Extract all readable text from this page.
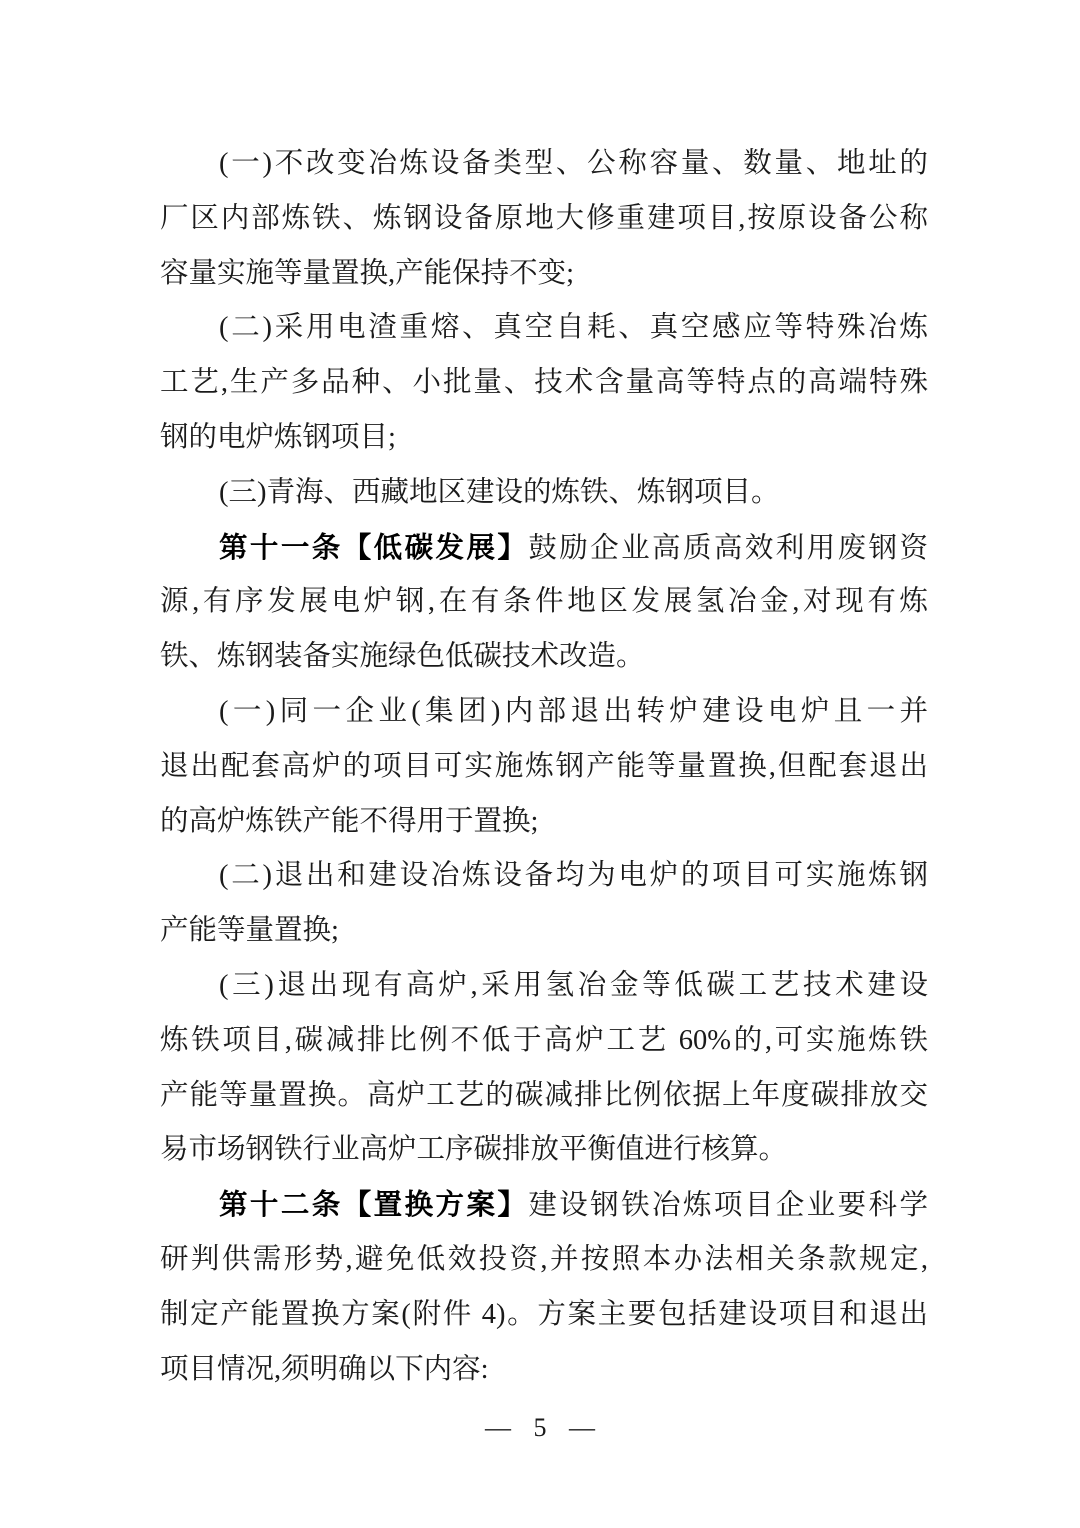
(一)不改变冶炼设备类型、公称容量、数量、地址的
厂区内部炼铁、炼钢设备原地大修重建项目,按原设备公称
容量实施等量置换,产能保持不变;
(二)采用电渣重熔、真空自耗、真空感应等特殊冶炼
工艺,生产多品种、小批量、技术含量高等特点的高端特殊
钢的电炉炼钢项目;
(三)青海、西藏地区建设的炼铁、炼钢项目。
第十一条【低碳发展】鼓励企业高质高效利用废钢资
源,有序发展电炉钢,在有条件地区发展氢冶金,对现有炼
铁、炼钢装备实施绿色低碳技术改造。
(一)同一企业(集团)内部退出转炉建设电炉且一并
退出配套高炉的项目可实施炼钢产能等量置换,但配套退出
的高炉炼铁产能不得用于置换;
(二)退出和建设冶炼设备均为电炉的项目可实施炼钢
产能等量置换;
(三)退出现有高炉,采用氢冶金等低碳工艺技术建设
炼铁项目,碳减排比例不低于高炉工艺 60%的,可实施炼铁
产能等量置换。高炉工艺的碳减排比例依据上年度碳排放交
易市场钢铁行业高炉工序碳排放平衡值进行核算。
第十二条【置换方案】建设钢铁冶炼项目企业要科学
研判供需形势,避免低效投资,并按照本办法相关条款规定,
制定产能置换方案(附件 4)。方案主要包括建设项目和退出
项目情况,须明确以下内容:
— 5 —
